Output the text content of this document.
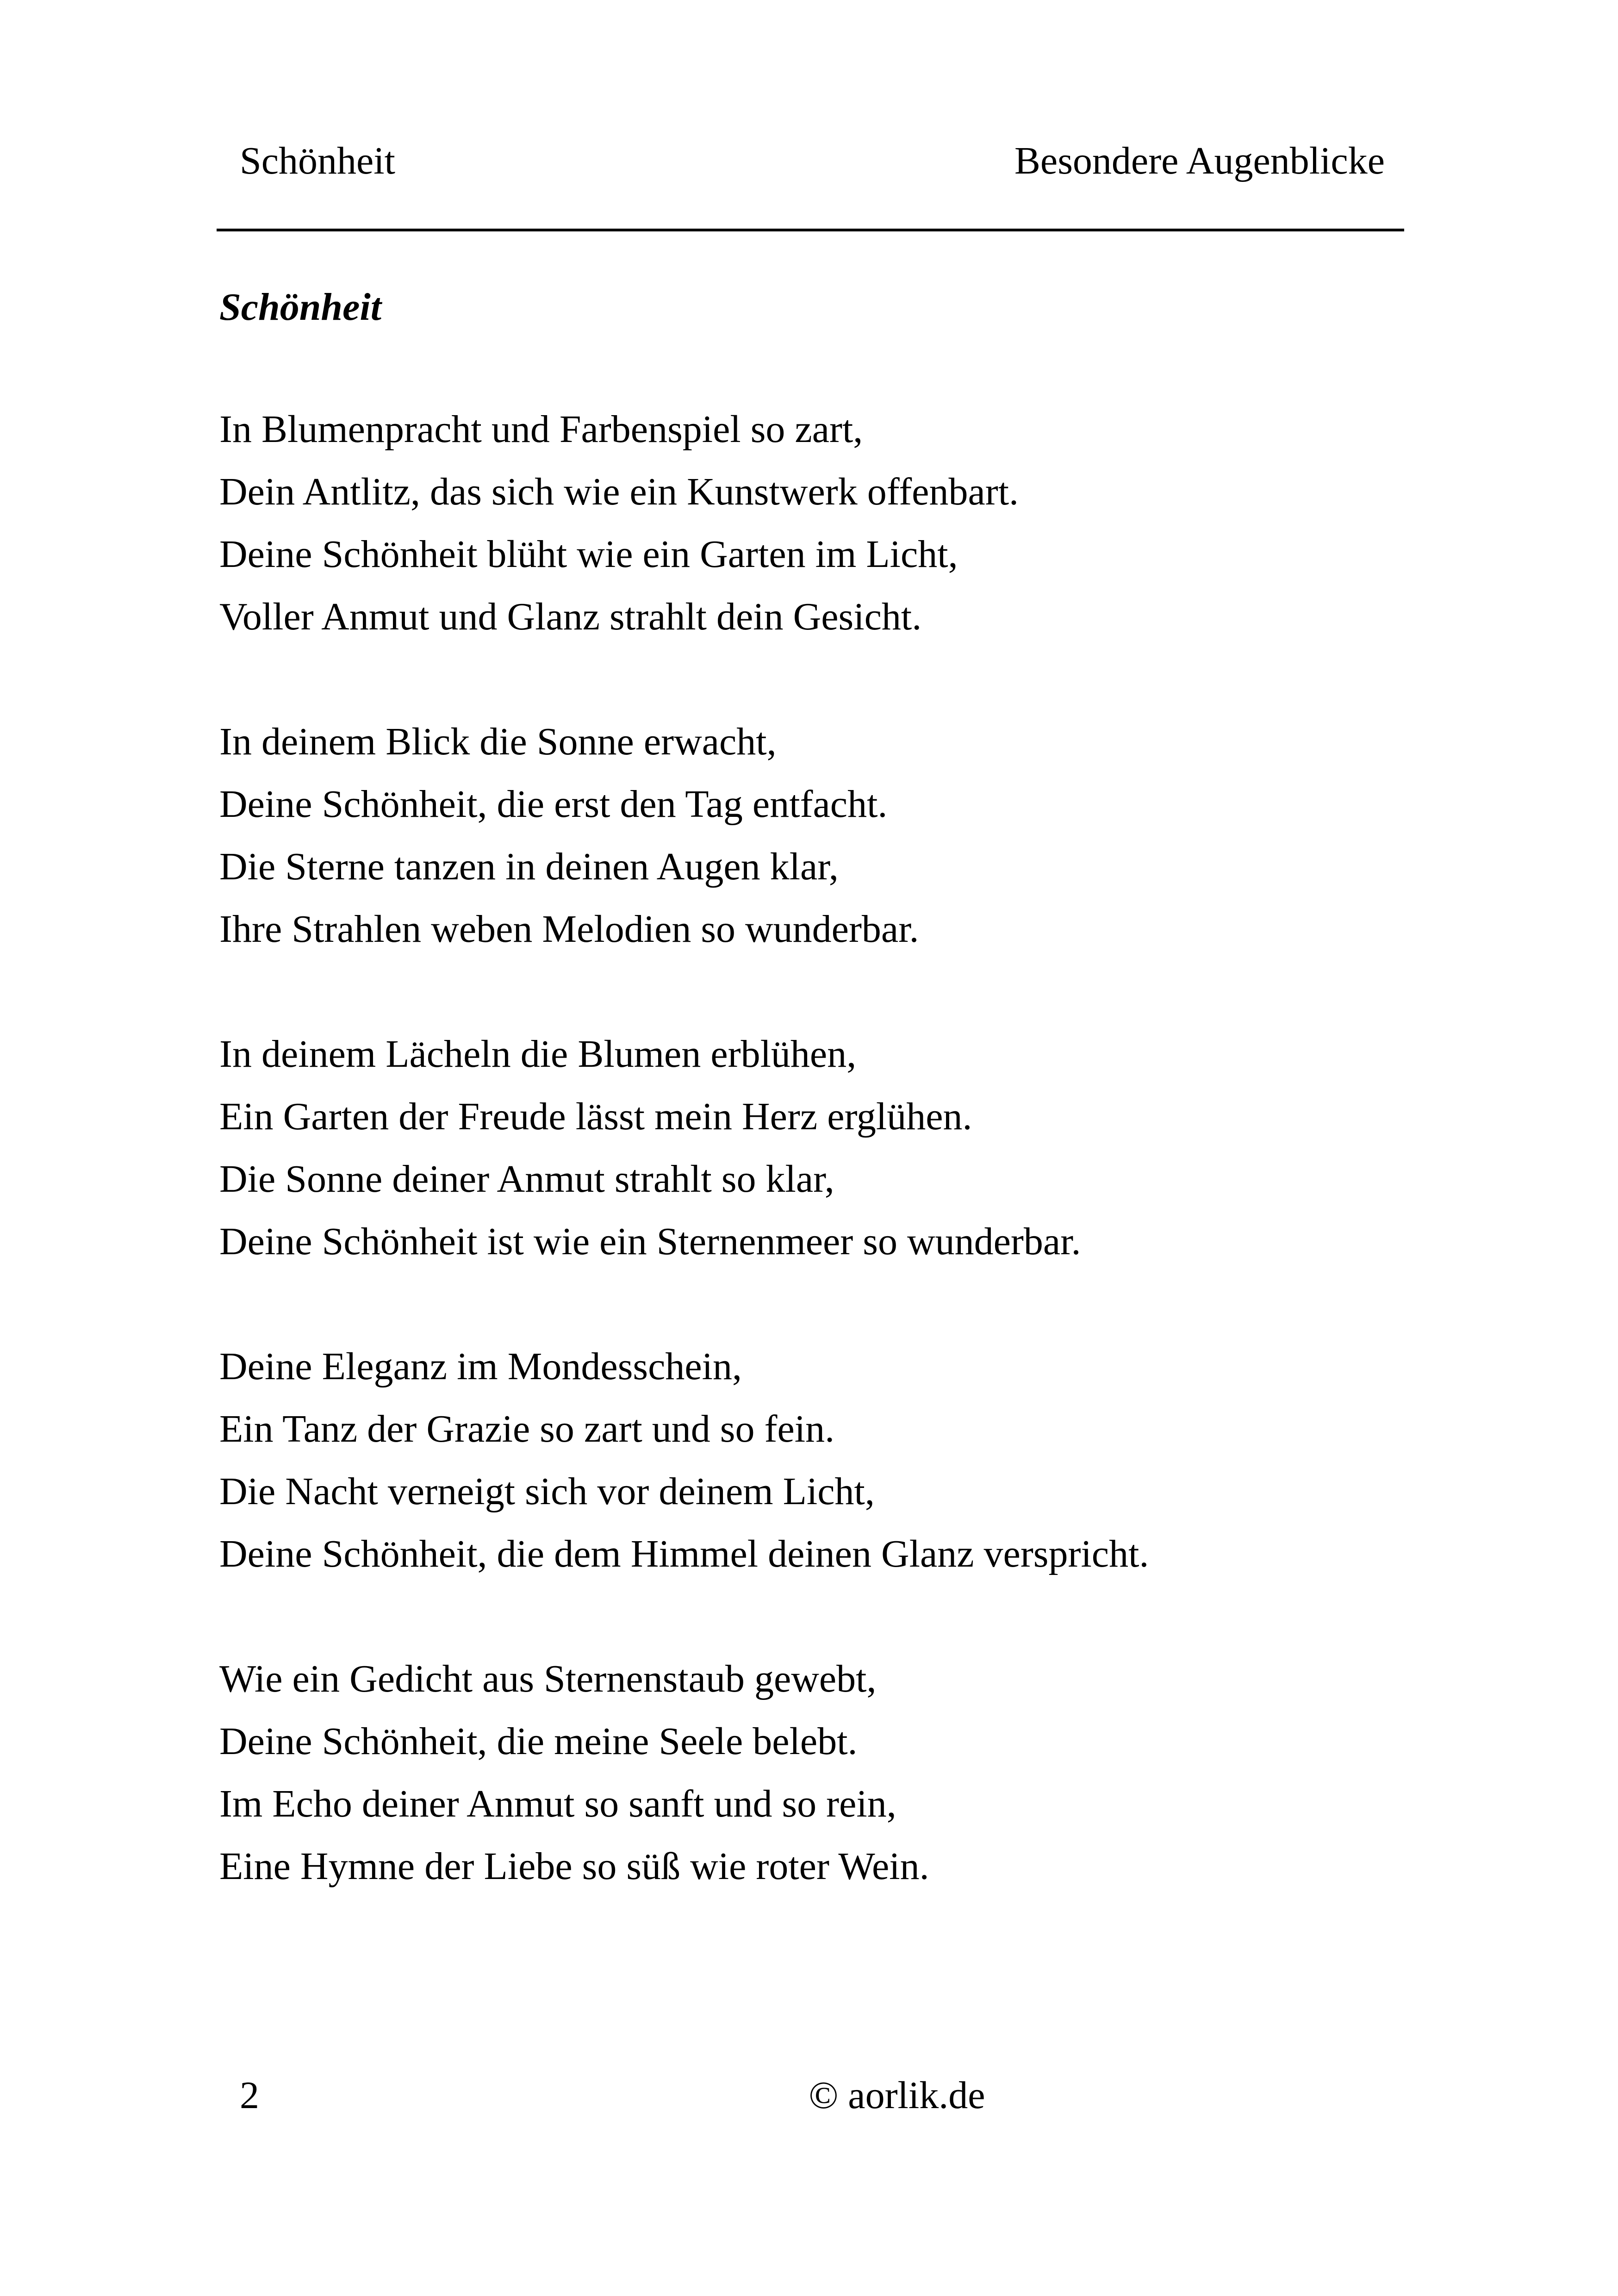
Schönheit	Besondere Augenblicke
Schönheit
In Blumenpracht und Farbenspiel so zart,
Dein Antlitz, das sich wie ein Kunstwerk offenbart.
Deine Schönheit blüht wie ein Garten im Licht,
Voller Anmut und Glanz strahlt dein Gesicht.
In deinem Blick die Sonne erwacht,
Deine Schönheit, die erst den Tag entfacht.
Die Sterne tanzen in deinen Augen klar,
Ihre Strahlen weben Melodien so wunderbar.
In deinem Lächeln die Blumen erblühen,
Ein Garten der Freude lässt mein Herz erglühen.
Die Sonne deiner Anmut strahlt so klar,
Deine Schönheit ist wie ein Sternenmeer so wunderbar.
Deine Eleganz im Mondesschein,
Ein Tanz der Grazie so zart und so fein.
Die Nacht verneigt sich vor deinem Licht,
Deine Schönheit, die dem Himmel deinen Glanz verspricht.
Wie ein Gedicht aus Sternenstaub gewebt,
Deine Schönheit, die meine Seele belebt.
Im Echo deiner Anmut so sanft und so rein,
Eine Hymne der Liebe so süß wie roter Wein.
2	© aorlik.de
